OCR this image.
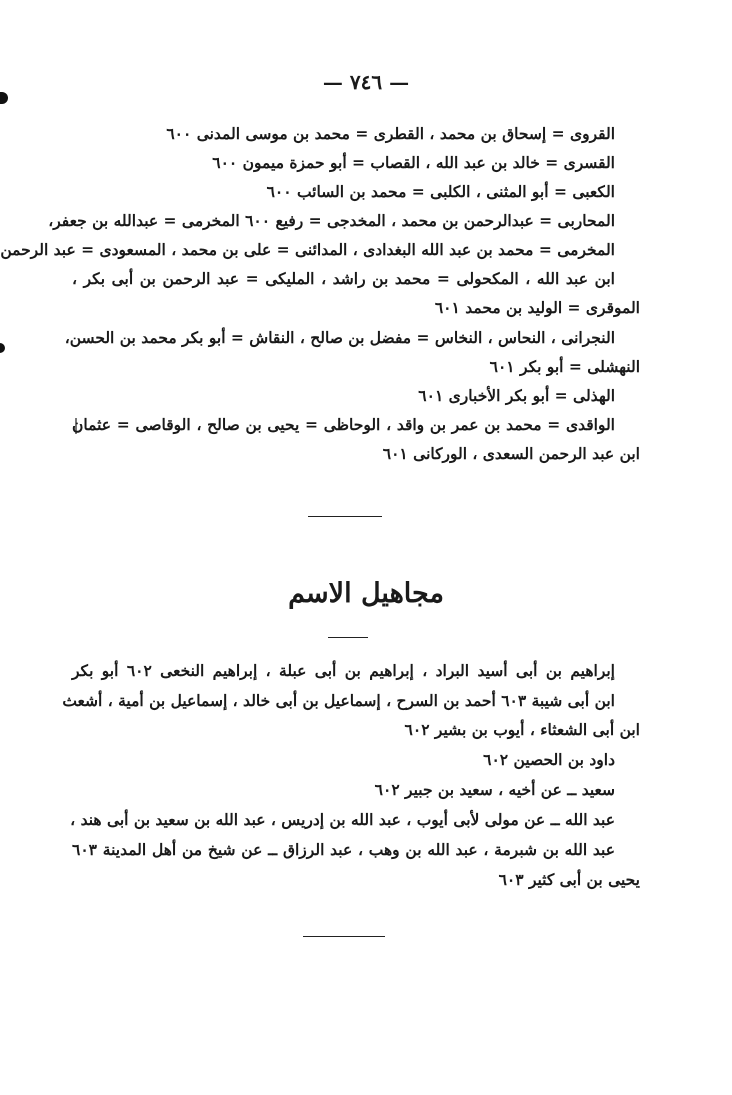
— ٧٤٦ —
القروى = إسحاق بن محمد ، القطرى = محمد بن موسى المدنى ٦٠٠
القسرى = خالد بن عبد الله ، القصاب = أبو حمزة ميمون ٦٠٠
الكعبى = أبو المثنى ، الكلبى = محمد بن السائب ٦٠٠
المحاربى = عبدالرحمن بن محمد ، المخدجى = رفيع ٦٠٠ المخرمى = عبدالله بن جعفر،
المخرمى = محمد بن عبد الله البغدادى ، المدائنى = على بن محمد ، المسعودى = عبد الرحمن
ابن عبد الله ، المكحولى = محمد بن راشد ، المليكى = عبد الرحمن بن أبى بكر ،
الموقرى = الوليد بن محمد ٦٠١
النجرانى ، النحاس ، النخاس = مفضل بن صالح ، النقاش = أبو بكر محمد بن الحسن،
النهشلى = أبو بكر ٦٠١
الهذلى = أبو بكر الأخبارى ٦٠١
الواقدى = محمد بن عمر بن واقد ، الوحاظى = يحيى بن صالح ، الوقاصى = عثمان
ابن عبد الرحمن السعدى ، الوركانى ٦٠١
مجاهيل الاسم
إبراهيم بن أبى أسيد البراد ، إبراهيم بن أبى عبلة ، إبراهيم النخعى ٦٠٢ أبو بكر
ابن أبى شيبة ٦٠٣ أحمد بن السرح ، إسماعيل بن أبى خالد ، إسماعيل بن أمية ، أشعث
ابن أبى الشعثاء ، أيوب بن بشير ٦٠٢
داود بن الحصين ٦٠٢
سعيد ــ عن أخيه ، سعيد بن جبير ٦٠٢
عبد الله ــ عن مولى لأبى أيوب ، عبد الله بن إدريس ، عبد الله بن سعيد بن أبى هند ،
عبد الله بن شبرمة ، عبد الله بن وهب ، عبد الرزاق ــ عن شيخ من أهل المدينة ٦٠٣
يحيى بن أبى كثير ٦٠٣
